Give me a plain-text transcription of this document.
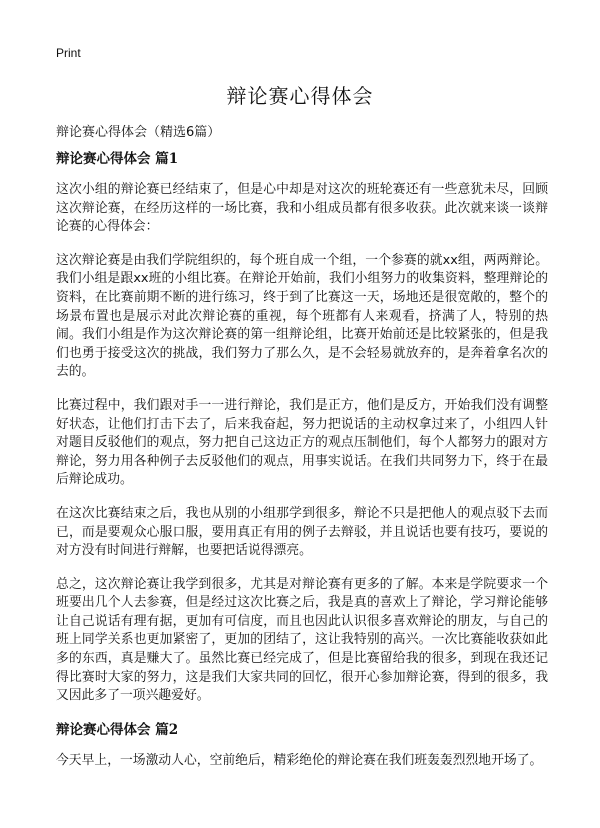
Print
辩论赛心得体会

辩论赛心得体会（精选6篇）

辩论赛心得体会 篇1

这次小组的辩论赛已经结束了，但是心中却是对这次的班轮赛还有一些意犹未尽，回顾这次辩论赛，在经历这样的一场比赛，我和小组成员都有很多收获。此次就来谈一谈辩论赛的心得体会：

这次辩论赛是由我们学院组织的，每个班自成一个组，一个参赛的就xx组，两两辩论。我们小组是跟xx班的小组比赛。在辩论开始前，我们小组努力的收集资料，整理辩论的资料，在比赛前期不断的进行练习，终于到了比赛这一天，场地还是很宽敞的，整个的场景布置也是展示对此次辩论赛的重视，每个班都有人来观看，挤满了人，特别的热闹。我们小组是作为这次辩论赛的第一组辩论组，比赛开始前还是比较紧张的，但是我们也勇于接受这次的挑战，我们努力了那么久，是不会轻易就放弃的，是奔着拿名次的去的。

比赛过程中，我们跟对手一一进行辩论，我们是正方，他们是反方，开始我们没有调整好状态，让他们打击下去了，后来我奋起，努力把说话的主动权拿过来了，小组四人针对题目反驳他们的观点，努力把自己这边正方的观点压制他们，每个人都努力的跟对方辩论，努力用各种例子去反驳他们的观点，用事实说话。在我们共同努力下，终于在最后辩论成功。

在这次比赛结束之后，我也从别的小组那学到很多，辩论不只是把他人的观点驳下去而已，而是要观众心服口服，要用真正有用的例子去辩驳，并且说话也要有技巧，要说的对方没有时间进行辩解，也要把话说得漂亮。

总之，这次辩论赛让我学到很多，尤其是对辩论赛有更多的了解。本来是学院要求一个班要出几个人去参赛，但是经过这次比赛之后，我是真的喜欢上了辩论，学习辩论能够让自己说话有理有据，更加有可信度，而且也因此认识很多喜欢辩论的朋友，与自己的班上同学关系也更加紧密了，更加的团结了，这让我特别的高兴。一次比赛能收获如此多的东西，真是赚大了。虽然比赛已经完成了，但是比赛留给我的很多，到现在我还记得比赛时大家的努力，这是我们大家共同的回忆，很开心参加辩论赛，得到的很多，我又因此多了一项兴趣爱好。

辩论赛心得体会 篇2

今天早上，一场激动人心，空前绝后，精彩绝伦的辩论赛在我们班轰轰烈烈地开场了。
